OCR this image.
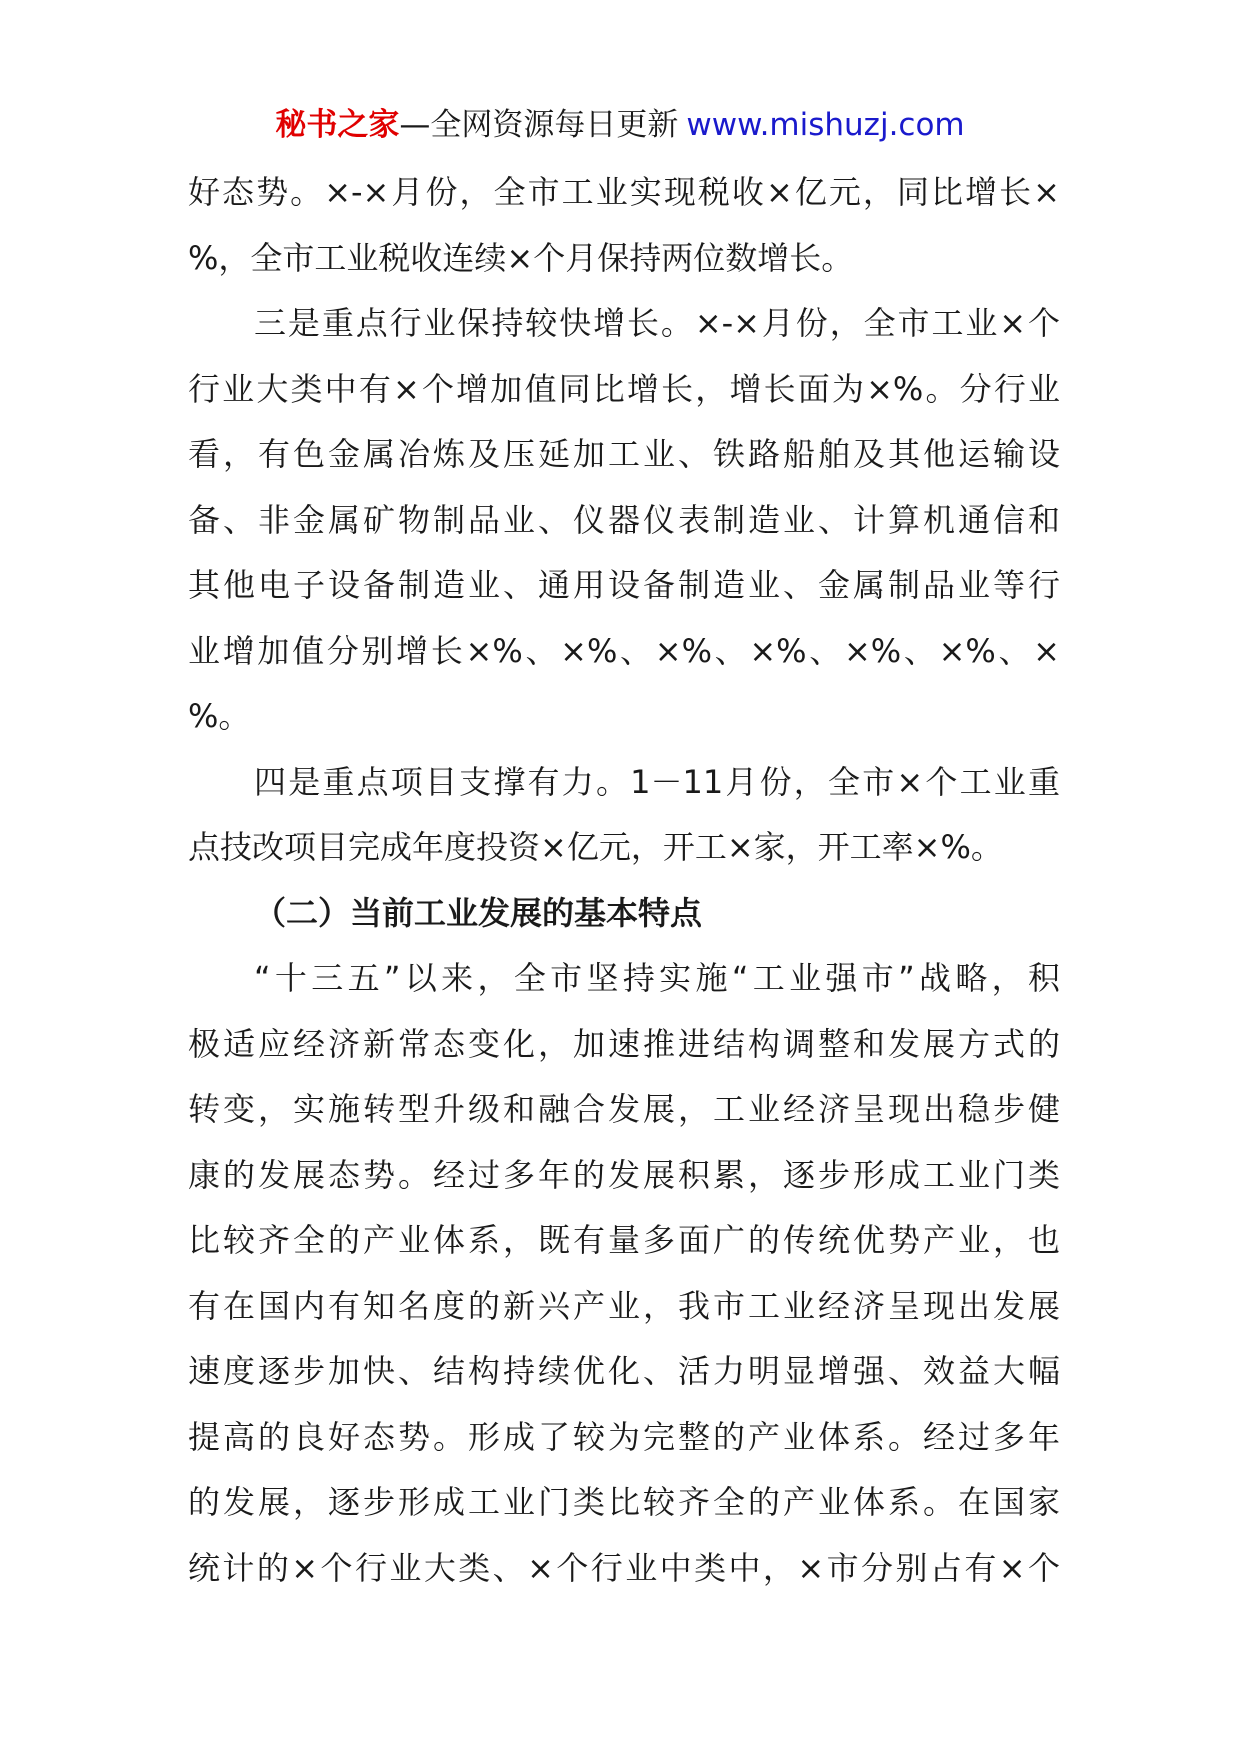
秘书之家—全网资源每日更新 www.mishuzj.com
好态势。×-×月份，全市工业实现税收×亿元，同比增长×
%，全市工业税收连续×个月保持两位数增长。
三是重点行业保持较快增长。×-×月份，全市工业×个
行业大类中有×个增加值同比增长，增长面为×%。分行业
看，有色金属冶炼及压延加工业、铁路船舶及其他运输设
备、非金属矿物制品业、仪器仪表制造业、计算机通信和
其他电子设备制造业、通用设备制造业、金属制品业等行
业增加值分别增长×%、×%、×%、×%、×%、×%、×
%。
四是重点项目支撑有力。1－11月份，全市×个工业重
点技改项目完成年度投资×亿元，开工×家，开工率×%。
（二）当前工业发展的基本特点
“十三五”以来，全市坚持实施“工业强市”战略，积
极适应经济新常态变化，加速推进结构调整和发展方式的
转变，实施转型升级和融合发展，工业经济呈现出稳步健
康的发展态势。经过多年的发展积累，逐步形成工业门类
比较齐全的产业体系，既有量多面广的传统优势产业，也
有在国内有知名度的新兴产业，我市工业经济呈现出发展
速度逐步加快、结构持续优化、活力明显增强、效益大幅
提高的良好态势。形成了较为完整的产业体系。经过多年
的发展，逐步形成工业门类比较齐全的产业体系。在国家
统计的×个行业大类、×个行业中类中，×市分别占有×个
